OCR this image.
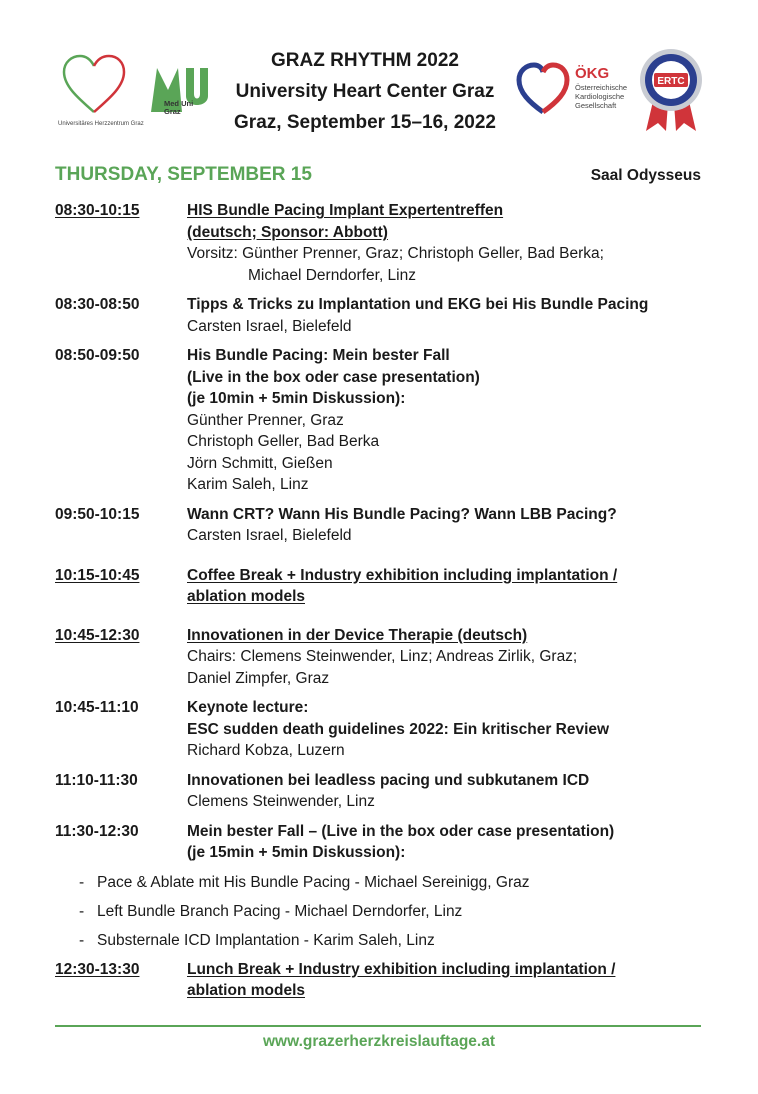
Universitäres Herzzentrum Graz
Med Uni Graz
GRAZ RHYTHM 2022
University Heart Center Graz
Graz, September 15–16, 2022
ÖKG
Österreichische Kardiologische Gesellschaft
ERTC
THURSDAY, SEPTEMBER 15	Saal Odysseus
08:30-10:15	HIS Bundle Pacing Implant Expertentreffen
(deutsch; Sponsor: Abbott)
Vorsitz: Günther Prenner, Graz; Christoph Geller, Bad Berka;
Michael Derndorfer, Linz
08:30-08:50	Tipps & Tricks zu Implantation und EKG bei His Bundle Pacing
Carsten Israel, Bielefeld
08:50-09:50	His Bundle Pacing: Mein bester Fall
(Live in the box oder case presentation)
(je 10min + 5min Diskussion):
Günther Prenner, Graz
Christoph Geller, Bad Berka
Jörn Schmitt, Gießen
Karim Saleh, Linz
09:50-10:15	Wann CRT? Wann His Bundle Pacing? Wann LBB Pacing?
Carsten Israel, Bielefeld
10:15-10:45	Coffee Break + Industry exhibition including implantation /
ablation models
10:45-12:30	Innovationen in der Device Therapie (deutsch)
Chairs: Clemens Steinwender, Linz; Andreas Zirlik, Graz;
Daniel Zimpfer, Graz
10:45-11:10	Keynote lecture:
ESC sudden death guidelines 2022: Ein kritischer Review
Richard Kobza, Luzern
11:10-11:30	Innovationen bei leadless pacing und subkutanem ICD
Clemens Steinwender, Linz
11:30-12:30	Mein bester Fall – (Live in the box oder case presentation)
(je 15min + 5min Diskussion):
- Pace & Ablate mit His Bundle Pacing - Michael Sereinigg, Graz
- Left Bundle Branch Pacing - Michael Derndorfer, Linz
- Substernale ICD Implantation - Karim Saleh, Linz
12:30-13:30	Lunch Break + Industry exhibition including implantation /
ablation models
www.grazerherzkreislauftage.at
